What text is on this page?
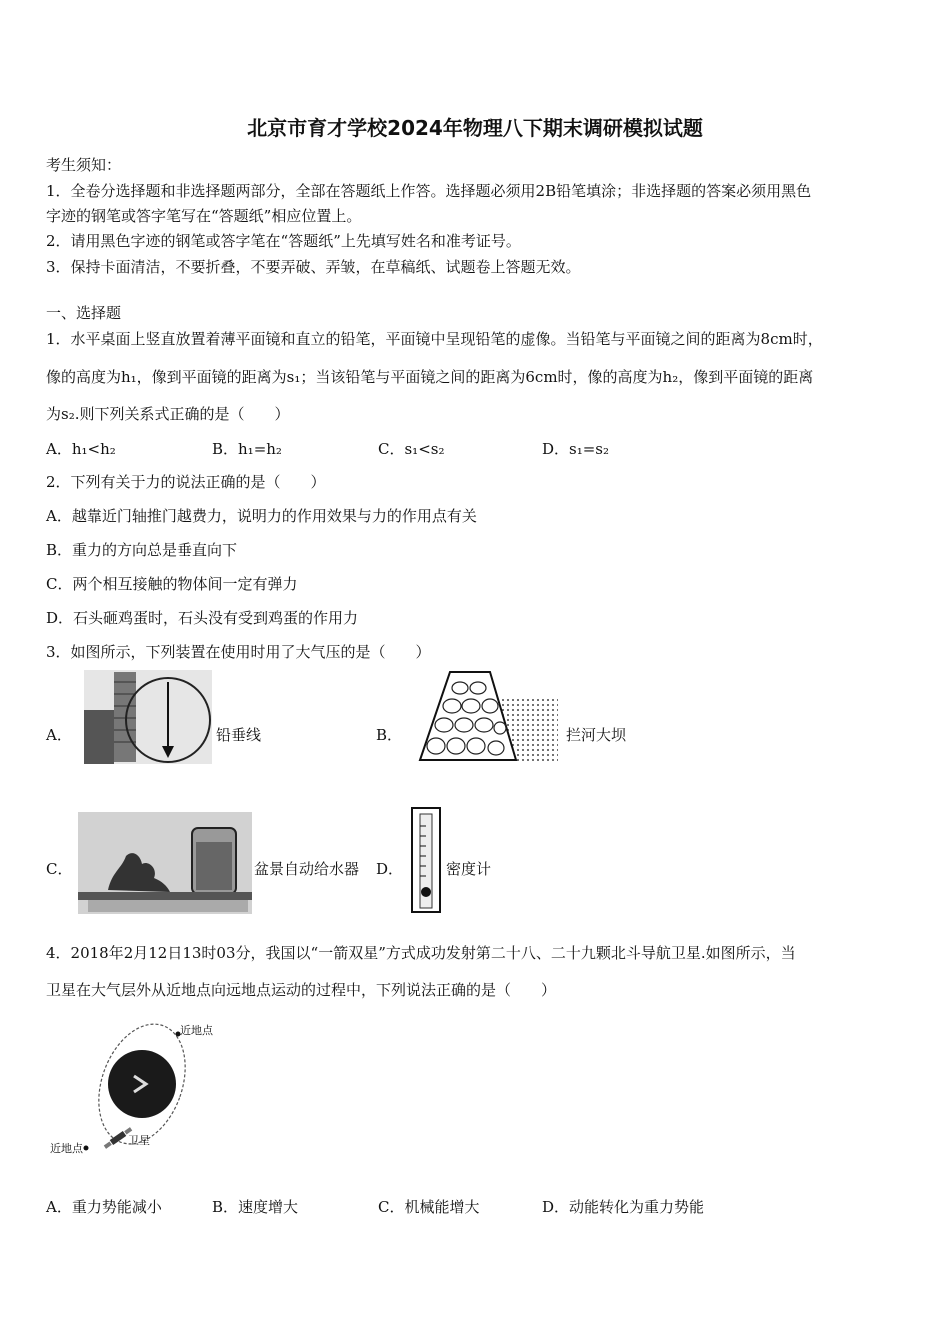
北京市育才学校2024年物理八下期末调研模拟试题
考生须知：
1．全卷分选择题和非选择题两部分，全部在答题纸上作答。选择题必须用2B铅笔填涂；非选择题的答案必须用黑色
字迹的钢笔或答字笔写在“答题纸”相应位置上。
2．请用黑色字迹的钢笔或答字笔在“答题纸”上先填写姓名和准考证号。
3．保持卡面清洁，不要折叠，不要弄破、弄皱，在草稿纸、试题卷上答题无效。
一、选择题
1．水平桌面上竖直放置着薄平面镜和直立的铅笔，平面镜中呈现铅笔的虚像。当铅笔与平面镜之间的距离为8cm时，
像的高度为h₁，像到平面镜的距离为s₁；当该铅笔与平面镜之间的距离为6cm时，像的高度为h₂，像到平面镜的距离
为s₂.则下列关系式正确的是（　　）
A．h₁<h₂	B．h₁=h₂	C．s₁<s₂	D．s₁=s₂
2．下列有关于力的说法正确的是（　　）
A．越靠近门轴推门越费力，说明力的作用效果与力的作用点有关
B．重力的方向总是垂直向下
C．两个相互接触的物体间一定有弹力
D．石头砸鸡蛋时，石头没有受到鸡蛋的作用力
3．如图所示，下列装置在使用时用了大气压的是（　　）
A．	铅垂线	B．	拦河大坝
C．	盆景自动给水器 D．	密度计
4．2018年2月12日13时03分，我国以“一箭双星”方式成功发射第二十八、二十九颗北斗导航卫星.如图所示，当
卫星在大气层外从近地点向远地点运动的过程中，下列说法正确的是（　　）
近地点
近地点
卫星
A．重力势能减小	B．速度增大	C．机械能增大	D．动能转化为重力势能
